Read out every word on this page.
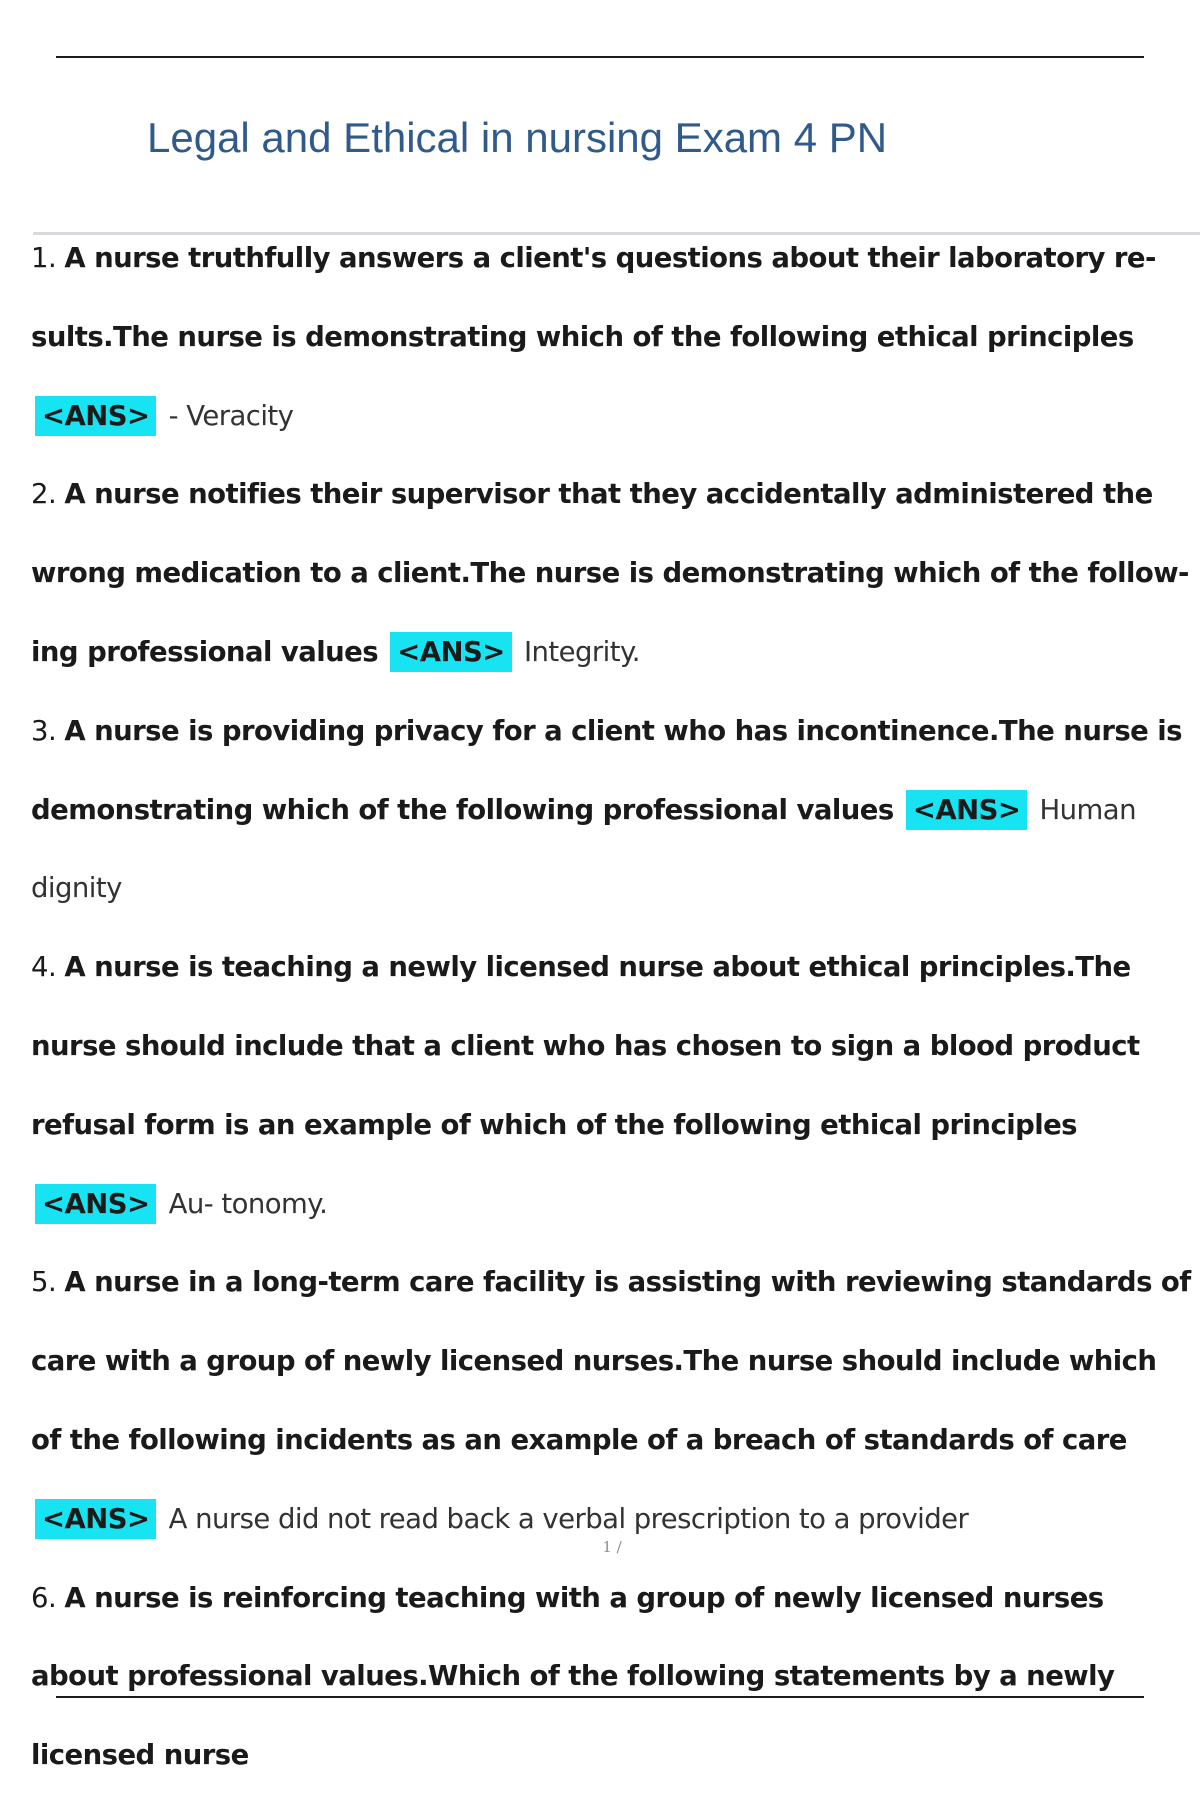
Legal and Ethical in nursing Exam 4 PN

1. A nurse truthfully answers a client's questions about their laboratory re- sults.The nurse is demonstrating which of the following ethical principles <ANS> - Veracity

2. A nurse notifies their supervisor that they accidentally administered the wrong medication to a client.The nurse is demonstrating which of the follow- ing professional values <ANS> Integrity.

3. A nurse is providing privacy for a client who has incontinence.The nurse is demonstrating which of the following professional values <ANS> Human dignity

4. A nurse is teaching a newly licensed nurse about ethical principles.The nurse should include that a client who has chosen to sign a blood product refusal form is an example of which of the following ethical principles <ANS> Au- tonomy.

5. A nurse in a long-term care facility is assisting with reviewing standards of care with a group of newly licensed nurses.The nurse should include which of the following incidents as an example of a breach of standards of care <ANS> A nurse did not read back a verbal prescription to a provider

6. A nurse is reinforcing teaching with a group of newly licensed nurses about professional values.Which of the following statements by a newly licensed nurse

1 /
